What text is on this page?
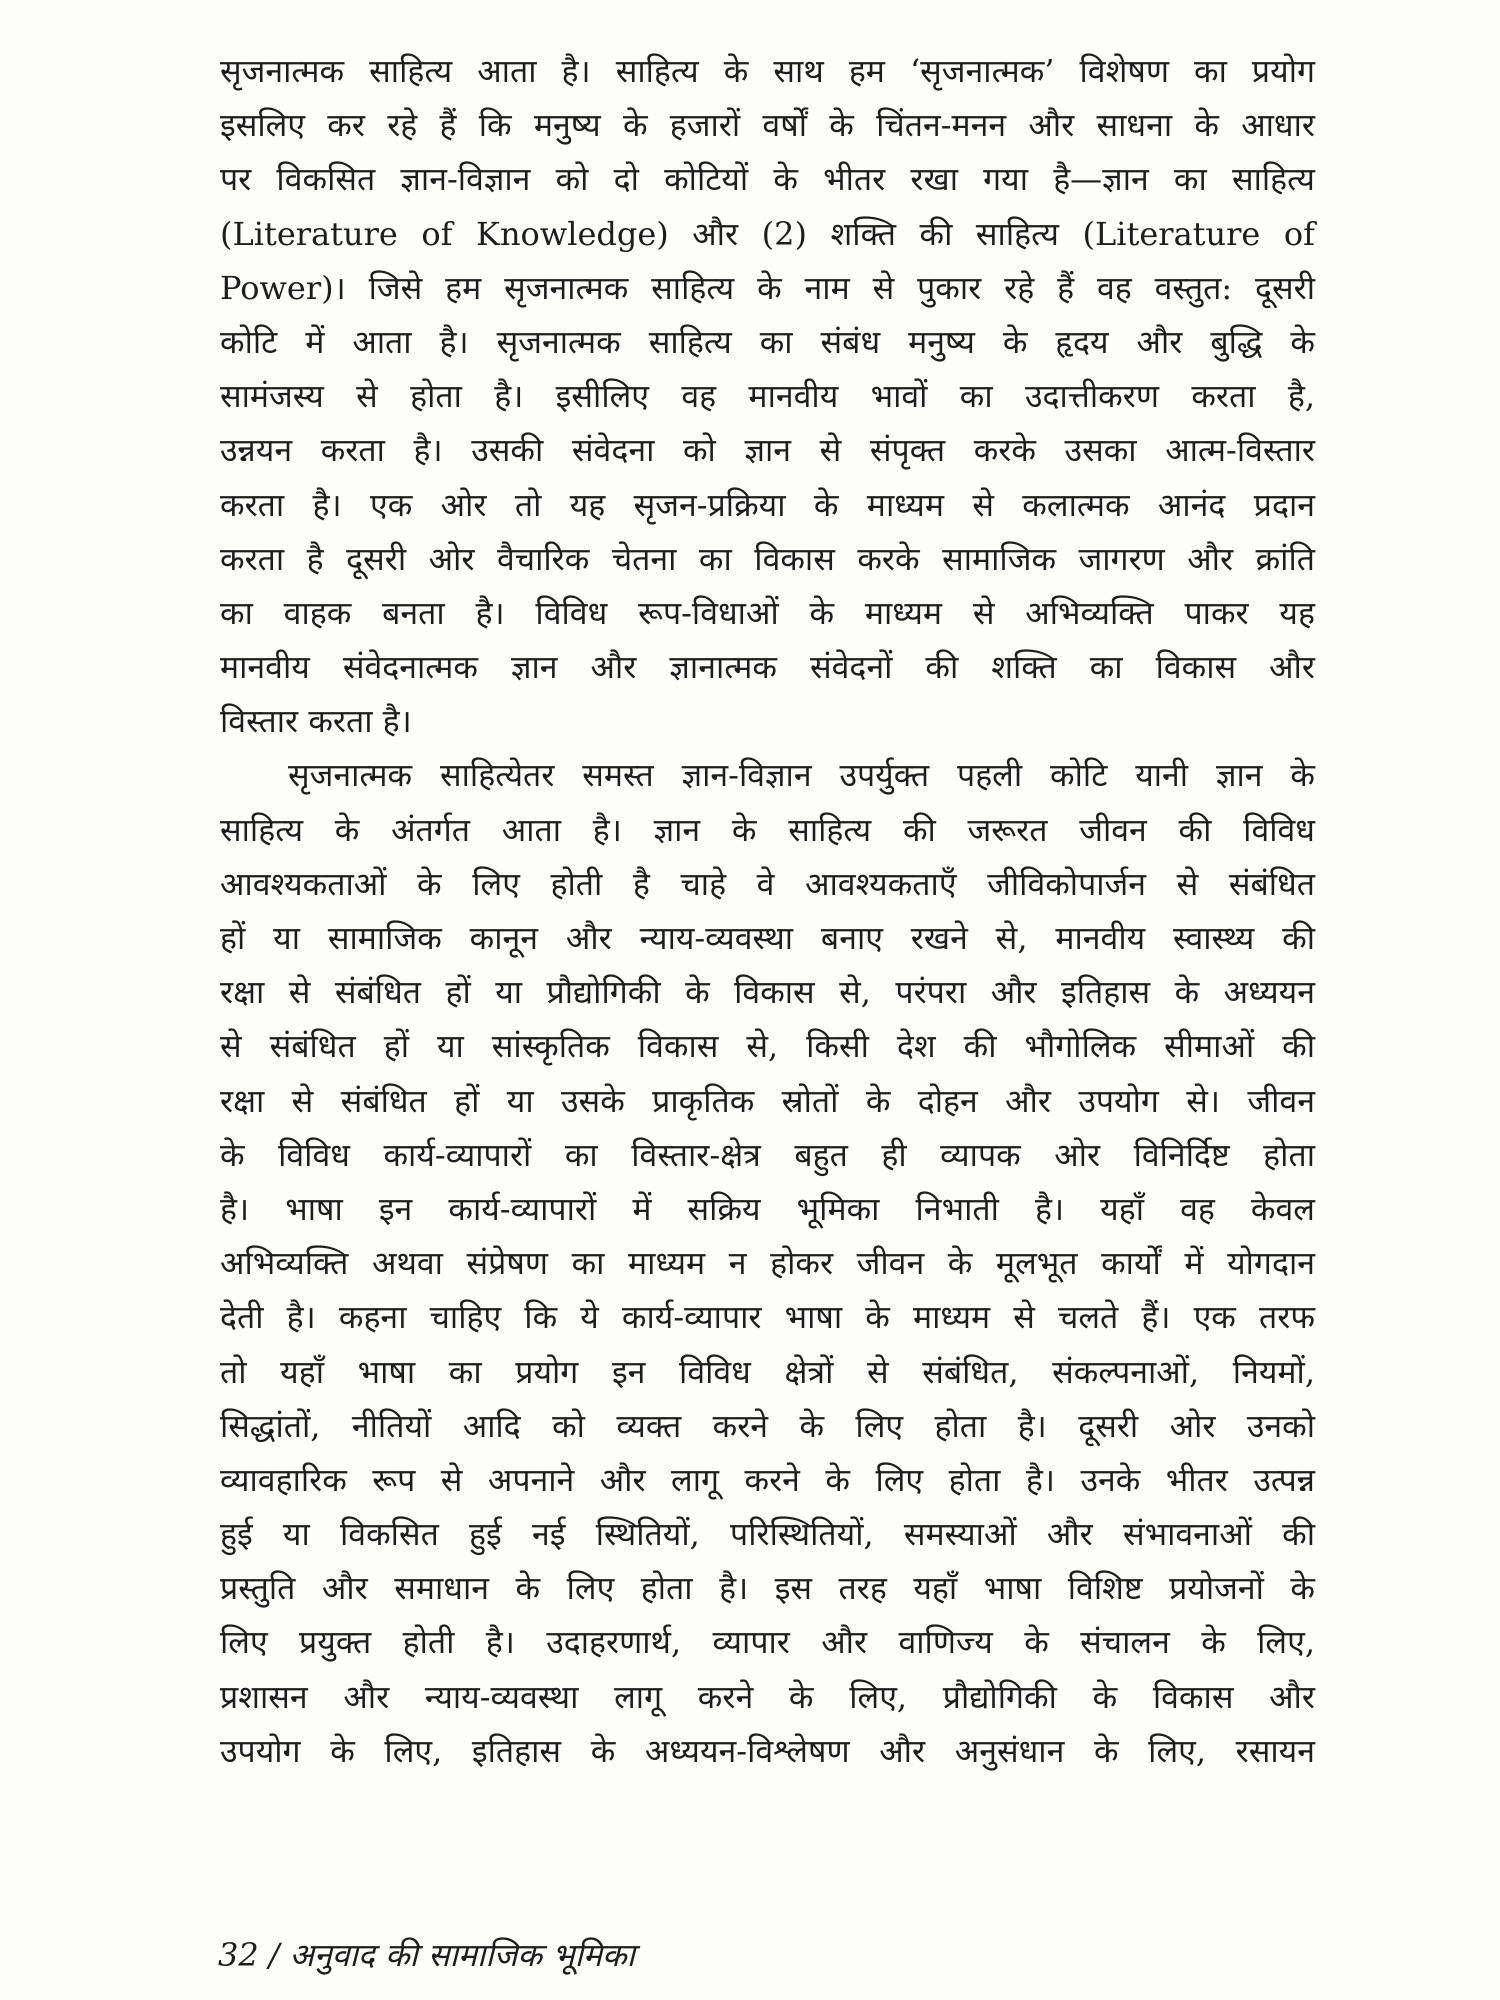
सृजनात्मक साहित्य आता है। साहित्य के साथ हम ‘सृजनात्मक’ विशेषण का प्रयोग
इसलिए कर रहे हैं कि मनुष्य के हजारों वर्षों के चिंतन-मनन और साधना के आधार
पर विकसित ज्ञान-विज्ञान को दो कोटियों के भीतर रखा गया है—ज्ञान का साहित्य
(Literature of Knowledge) और (2) शक्ति की साहित्य (Literature of
Power)। जिसे हम सृजनात्मक साहित्य के नाम से पुकार रहे हैं वह वस्तुत: दूसरी
कोटि में आता है। सृजनात्मक साहित्य का संबंध मनुष्य के हृदय और बुद्धि के
सामंजस्य से होता है। इसीलिए वह मानवीय भावों का उदात्तीकरण करता है,
उन्नयन करता है। उसकी संवेदना को ज्ञान से संपृक्त करके उसका आत्म-विस्तार
करता है। एक ओर तो यह सृजन-प्रक्रिया के माध्यम से कलात्मक आनंद प्रदान
करता है दूसरी ओर वैचारिक चेतना का विकास करके सामाजिक जागरण और क्रांति
का वाहक बनता है। विविध रूप-विधाओं के माध्यम से अभिव्यक्ति पाकर यह
मानवीय संवेदनात्मक ज्ञान और ज्ञानात्मक संवेदनों की शक्ति का विकास और
विस्तार करता है।
सृजनात्मक साहित्येतर समस्त ज्ञान-विज्ञान उपर्युक्त पहली कोटि यानी ज्ञान के
साहित्य के अंतर्गत आता है। ज्ञान के साहित्य की जरूरत जीवन की विविध
आवश्यकताओं के लिए होती है चाहे वे आवश्यकताएँ जीविकोपार्जन से संबंधित
हों या सामाजिक कानून और न्याय-व्यवस्था बनाए रखने से, मानवीय स्वास्थ्य की
रक्षा से संबंधित हों या प्रौद्योगिकी के विकास से, परंपरा और इतिहास के अध्ययन
से संबंधित हों या सांस्कृतिक विकास से, किसी देश की भौगोलिक सीमाओं की
रक्षा से संबंधित हों या उसके प्राकृतिक स्रोतों के दोहन और उपयोग से। जीवन
के विविध कार्य-व्यापारों का विस्तार-क्षेत्र बहुत ही व्यापक ओर विनिर्दिष्ट होता
है। भाषा इन कार्य-व्यापारों में सक्रिय भूमिका निभाती है। यहाँ वह केवल
अभिव्यक्ति अथवा संप्रेषण का माध्यम न होकर जीवन के मूलभूत कार्यों में योगदान
देती है। कहना चाहिए कि ये कार्य-व्यापार भाषा के माध्यम से चलते हैं। एक तरफ
तो यहाँ भाषा का प्रयोग इन विविध क्षेत्रों से संबंधित, संकल्पनाओं, नियमों,
सिद्धांतों, नीतियों आदि को व्यक्त करने के लिए होता है। दूसरी ओर उनको
व्यावहारिक रूप से अपनाने और लागू करने के लिए होता है। उनके भीतर उत्पन्न
हुई या विकसित हुई नई स्थितियों, परिस्थितियों, समस्याओं और संभावनाओं की
प्रस्तुति और समाधान के लिए होता है। इस तरह यहाँ भाषा विशिष्ट प्रयोजनों के
लिए प्रयुक्त होती है। उदाहरणार्थ, व्यापार और वाणिज्य के संचालन के लिए,
प्रशासन और न्याय-व्यवस्था लागू करने के लिए, प्रौद्योगिकी के विकास और
उपयोग के लिए, इतिहास के अध्ययन-विश्लेषण और अनुसंधान के लिए, रसायन
32 / अनुवाद की सामाजिक भूमिका
